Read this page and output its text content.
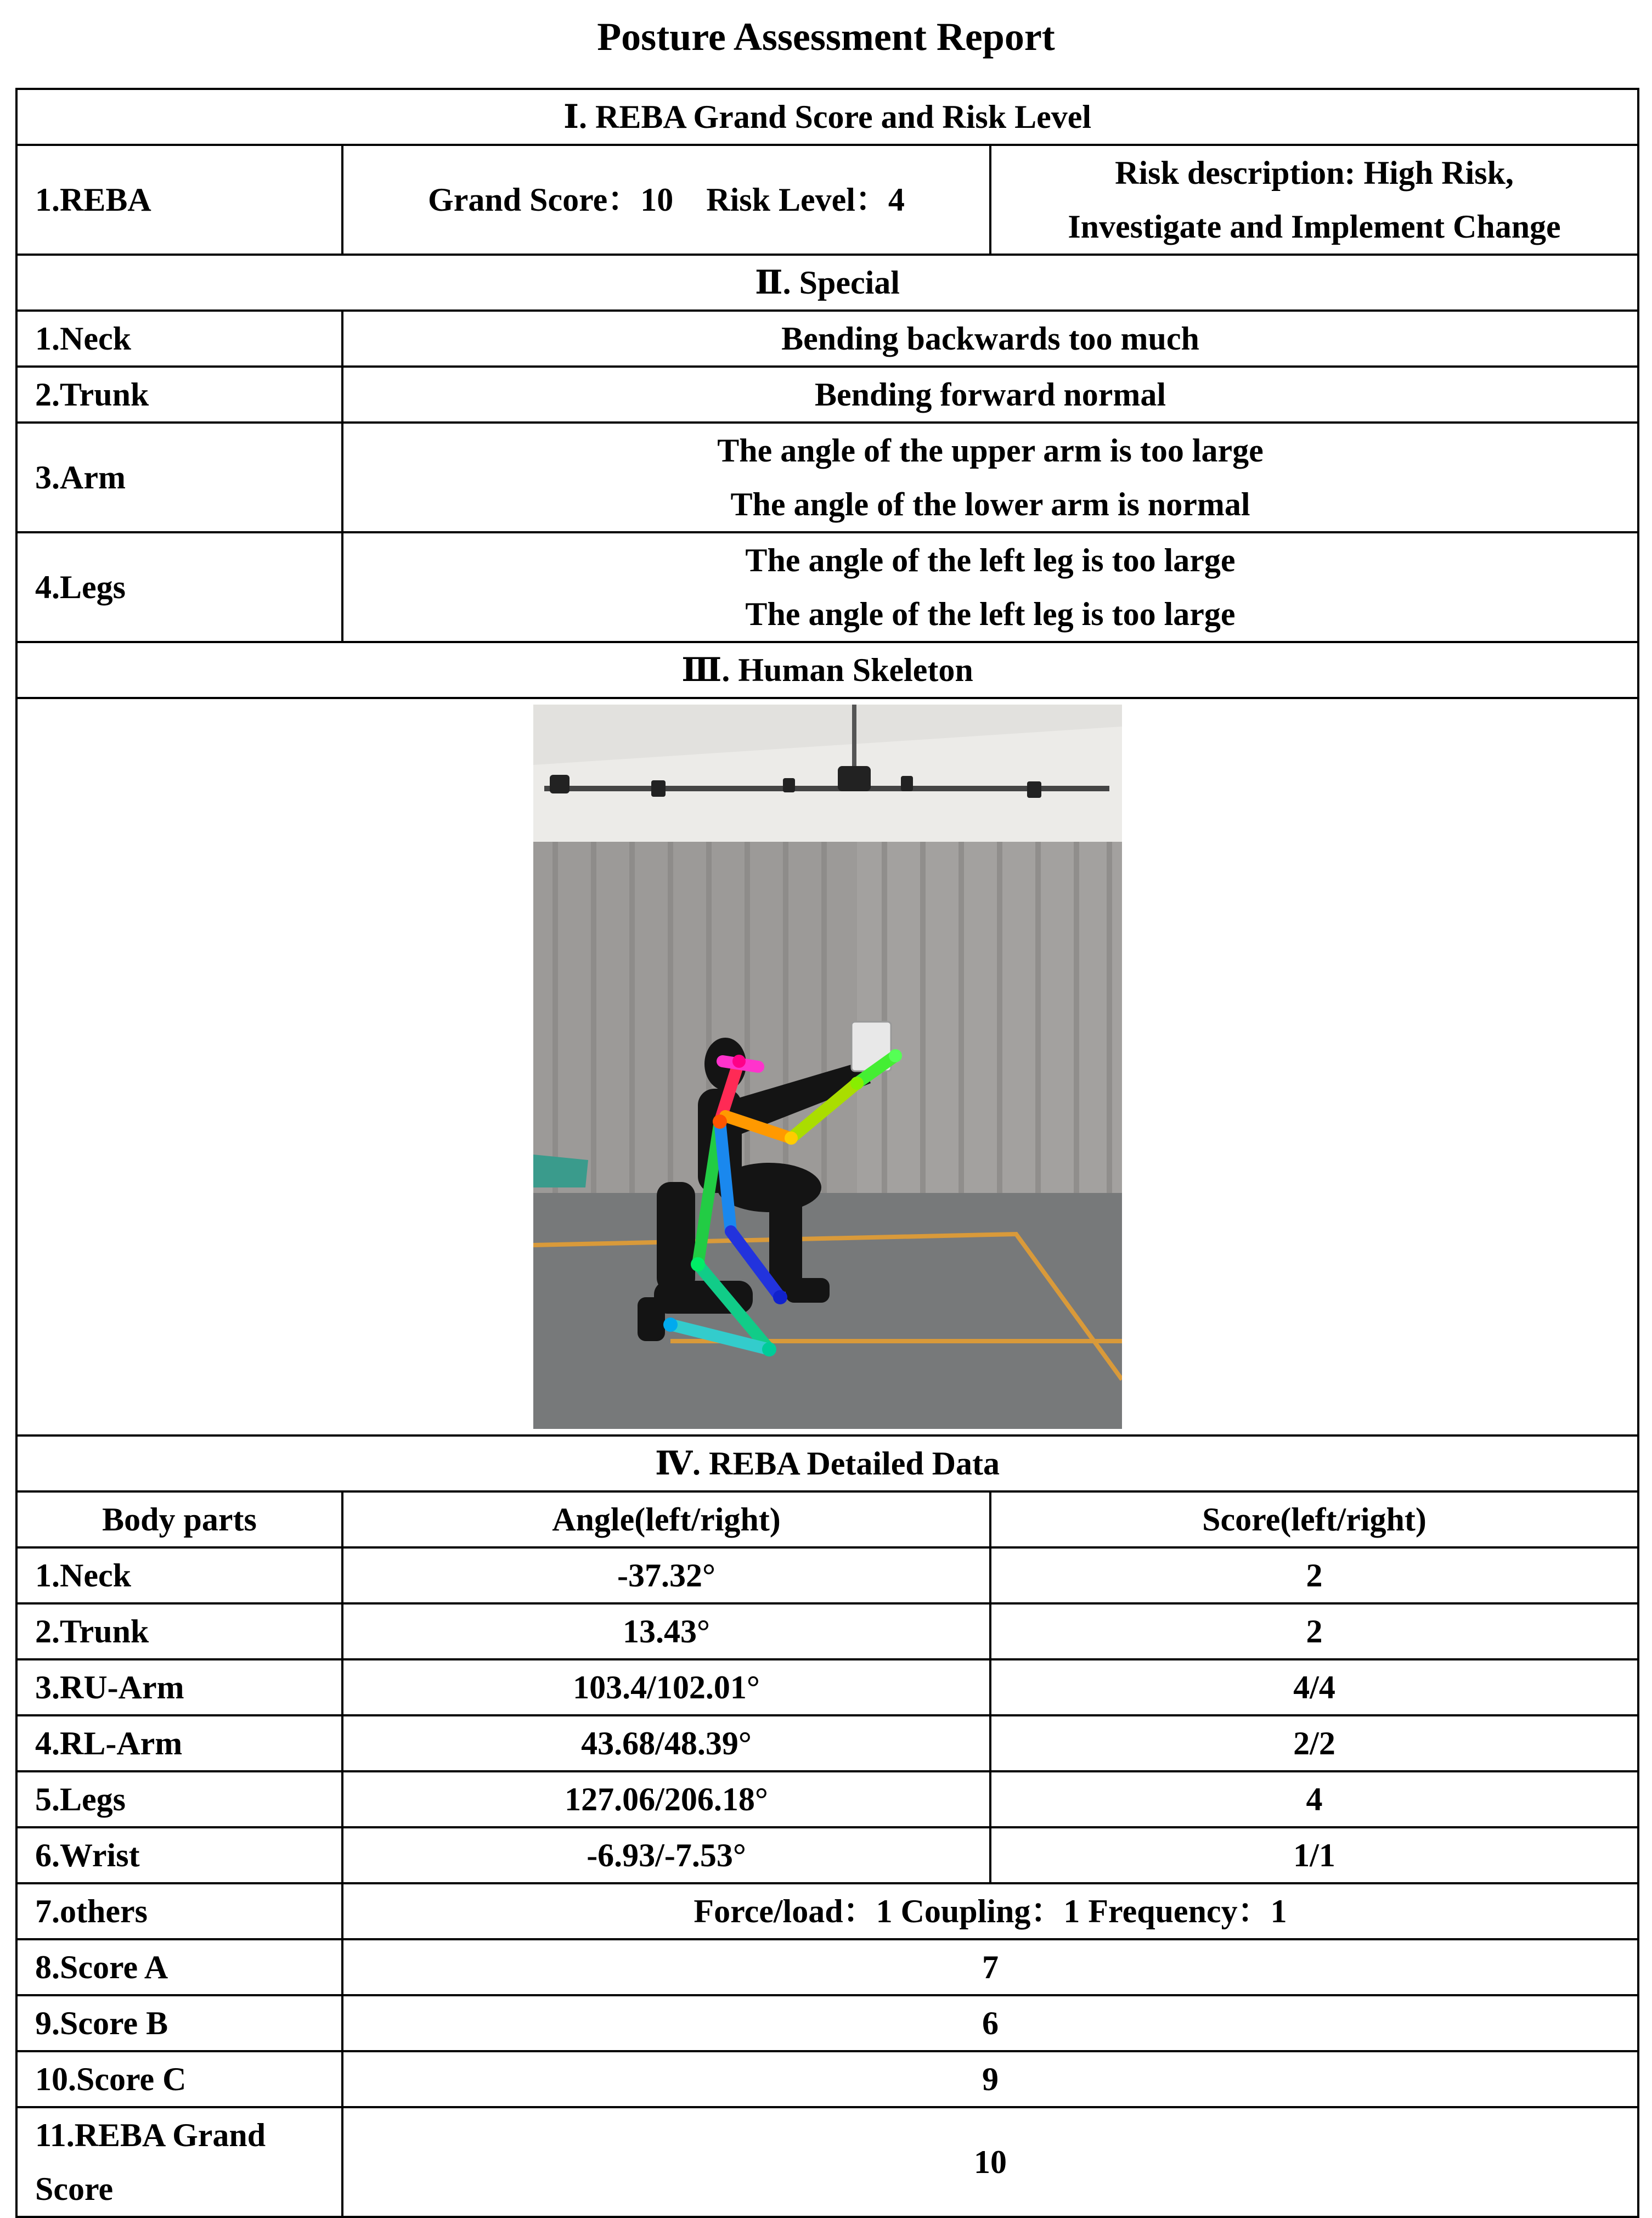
Posture Assessment Report
Ⅰ. REBA Grand Score and Risk Level		
1.REBA	Grand Score：10　Risk Level：4	Risk description: High Risk,
Investigate and Implement Change

Ⅱ. Special		
1.Neck	Bending backwards too much	
2.Trunk	Bending forward normal	
3.Arm	The angle of the upper arm is too large
The angle of the lower arm is normal	

4.Legs	The angle of the left leg is too large
The angle of the left leg is too large	

Ⅲ. Human Skeleton		

Ⅳ. REBA Detailed Data		
Body parts	Angle(left/right)	Score(left/right)
1.Neck	-37.32°	2
2.Trunk	13.43°	2
3.RU-Arm	103.4/102.01°	4/4
4.RL-Arm	43.68/48.39°	2/2
5.Legs	127.06/206.18°	4
6.Wrist	-6.93/-7.53°	1/1
7.others	Force/load：1 Coupling：1 Frequency：1	
8.Score A	7	
9.Score B	6	
10.Score C	9	

11.REBA Grand
Score	10	
